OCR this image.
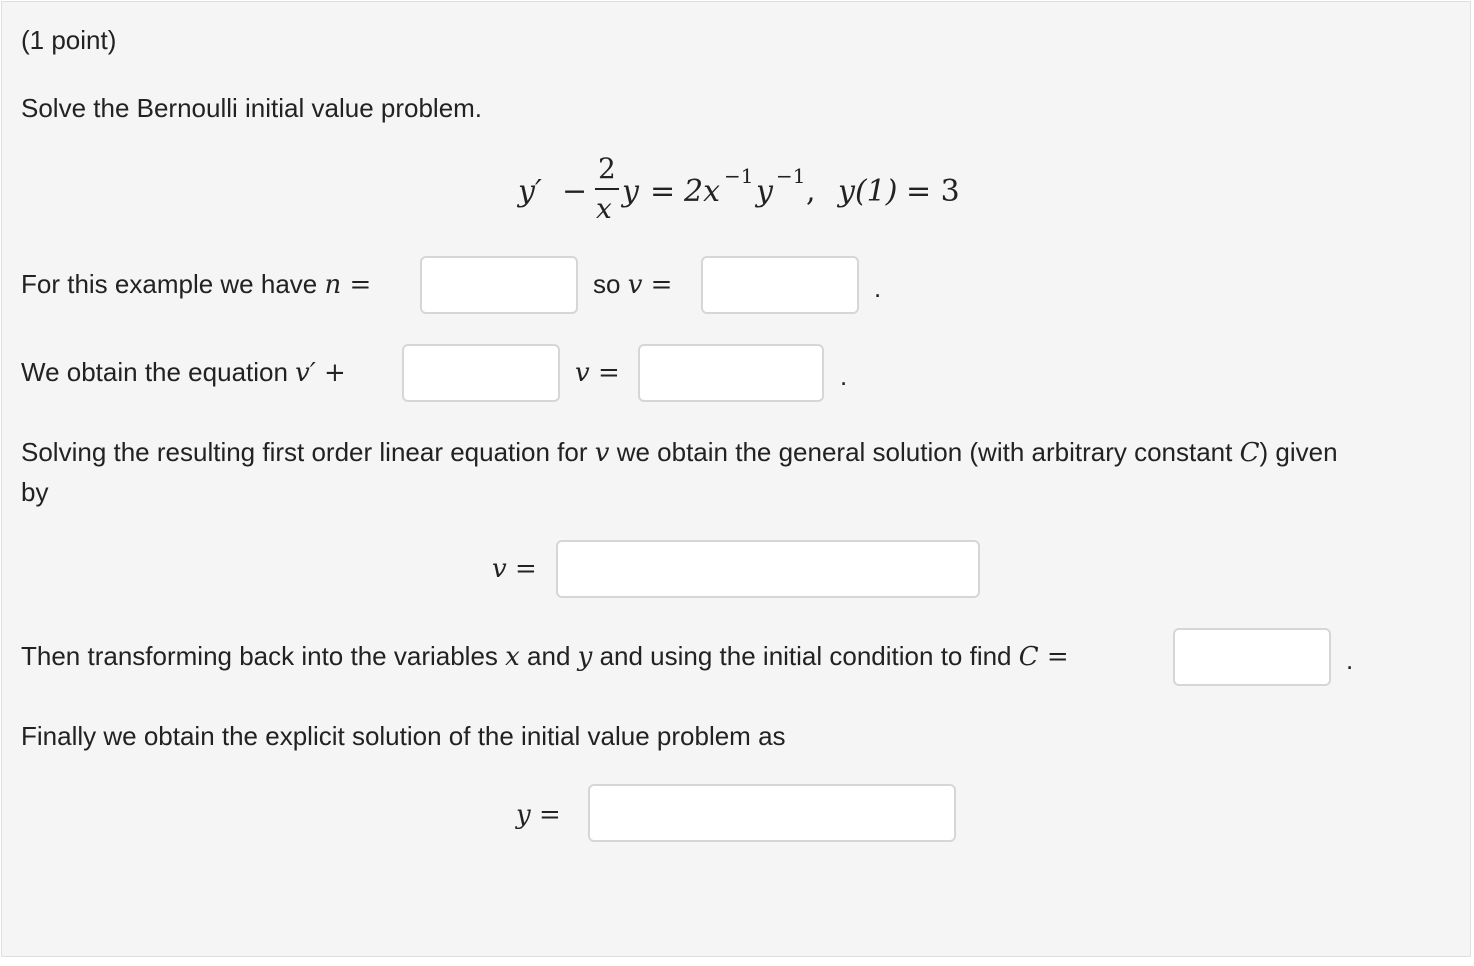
(1 point)
Solve the Bernoulli initial value problem.
y′ −
2
x y = 2x −1 y −1 , y(1) = 3
For this example we have n =	so v =	.
We obtain the equation v′ +	v =	.
Solving the resulting first order linear equation for v we obtain the general solution (with arbitrary constant C) given
by
v =
Then transforming back into the variables x and y and using the initial condition to find C =	.
Finally we obtain the explicit solution of the initial value problem as
y =
